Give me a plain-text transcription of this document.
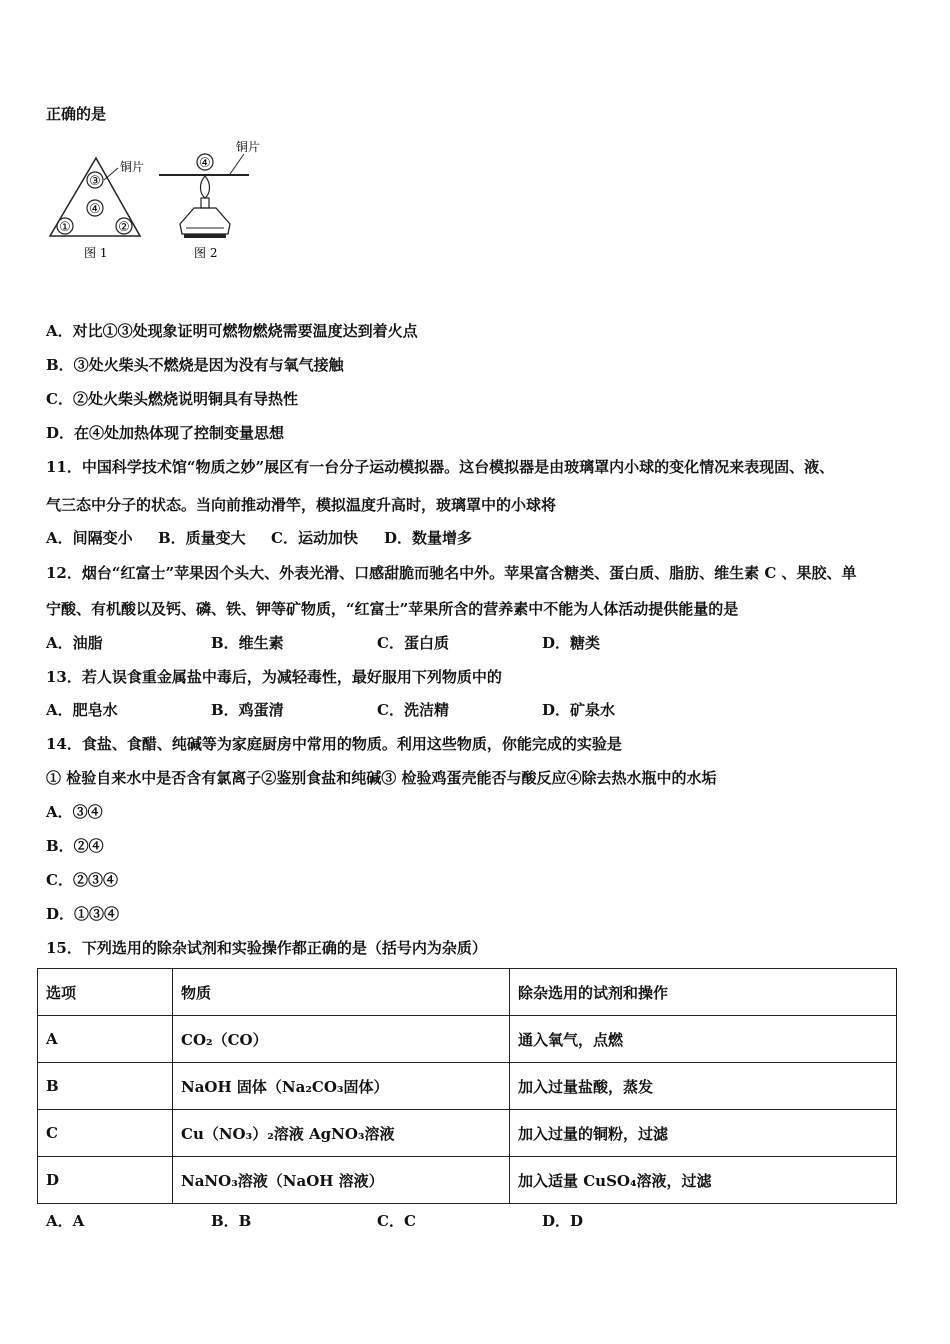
正确的是
③
④
①	②
铜片
图 1
④
铜片
图 2
A．对比①③处现象证明可燃物燃烧需要温度达到着火点
B．③处火柴头不燃烧是因为没有与氧气接触
C．②处火柴头燃烧说明铜具有导热性
D．在④处加热体现了控制变量思想
11．中国科学技术馆“物质之妙”展区有一台分子运动模拟器。这台模拟器是由玻璃罩内小球的变化情况来表现固、液、
气三态中分子的状态。当向前推动滑竿，模拟温度升高时，玻璃罩中的小球将
A．间隔变小 B．质量变大 C．运动加快 D．数量增多
12．烟台“红富士”苹果因个头大、外表光滑、口感甜脆而驰名中外。苹果富含糖类、蛋白质、脂肪、维生素 C 、果胶、单
宁酸、有机酸以及钙、磷、铁、钾等矿物质，“红富士”苹果所含的营养素中不能为人体活动提供能量的是
A．油脂	B．维生素	C．蛋白质	D．糖类
13．若人误食重金属盐中毒后，为减轻毒性，最好服用下列物质中的
A．肥皂水	B．鸡蛋清	C．洗洁精	D．矿泉水
14．食盐、食醋、纯碱等为家庭厨房中常用的物质。利用这些物质，你能完成的实验是
① 检验自来水中是否含有氯离子②鉴别食盐和纯碱③ 检验鸡蛋壳能否与酸反应④除去热水瓶中的水垢
A．③④
B．②④
C．②③④
D．①③④
15．下列选用的除杂试剂和实验操作都正确的是（括号内为杂质）
选项	物质	除杂选用的试剂和操作
A	CO₂（CO）	通入氧气，点燃
B	NaOH 固体（Na₂CO₃固体）	加入过量盐酸，蒸发
C	Cu（NO₃）₂溶液 AgNO₃溶液	加入过量的铜粉，过滤
D	NaNO₃溶液（NaOH 溶液）	加入适量 CuSO₄溶液，过滤
A．A	B．B	C．C	D．D
